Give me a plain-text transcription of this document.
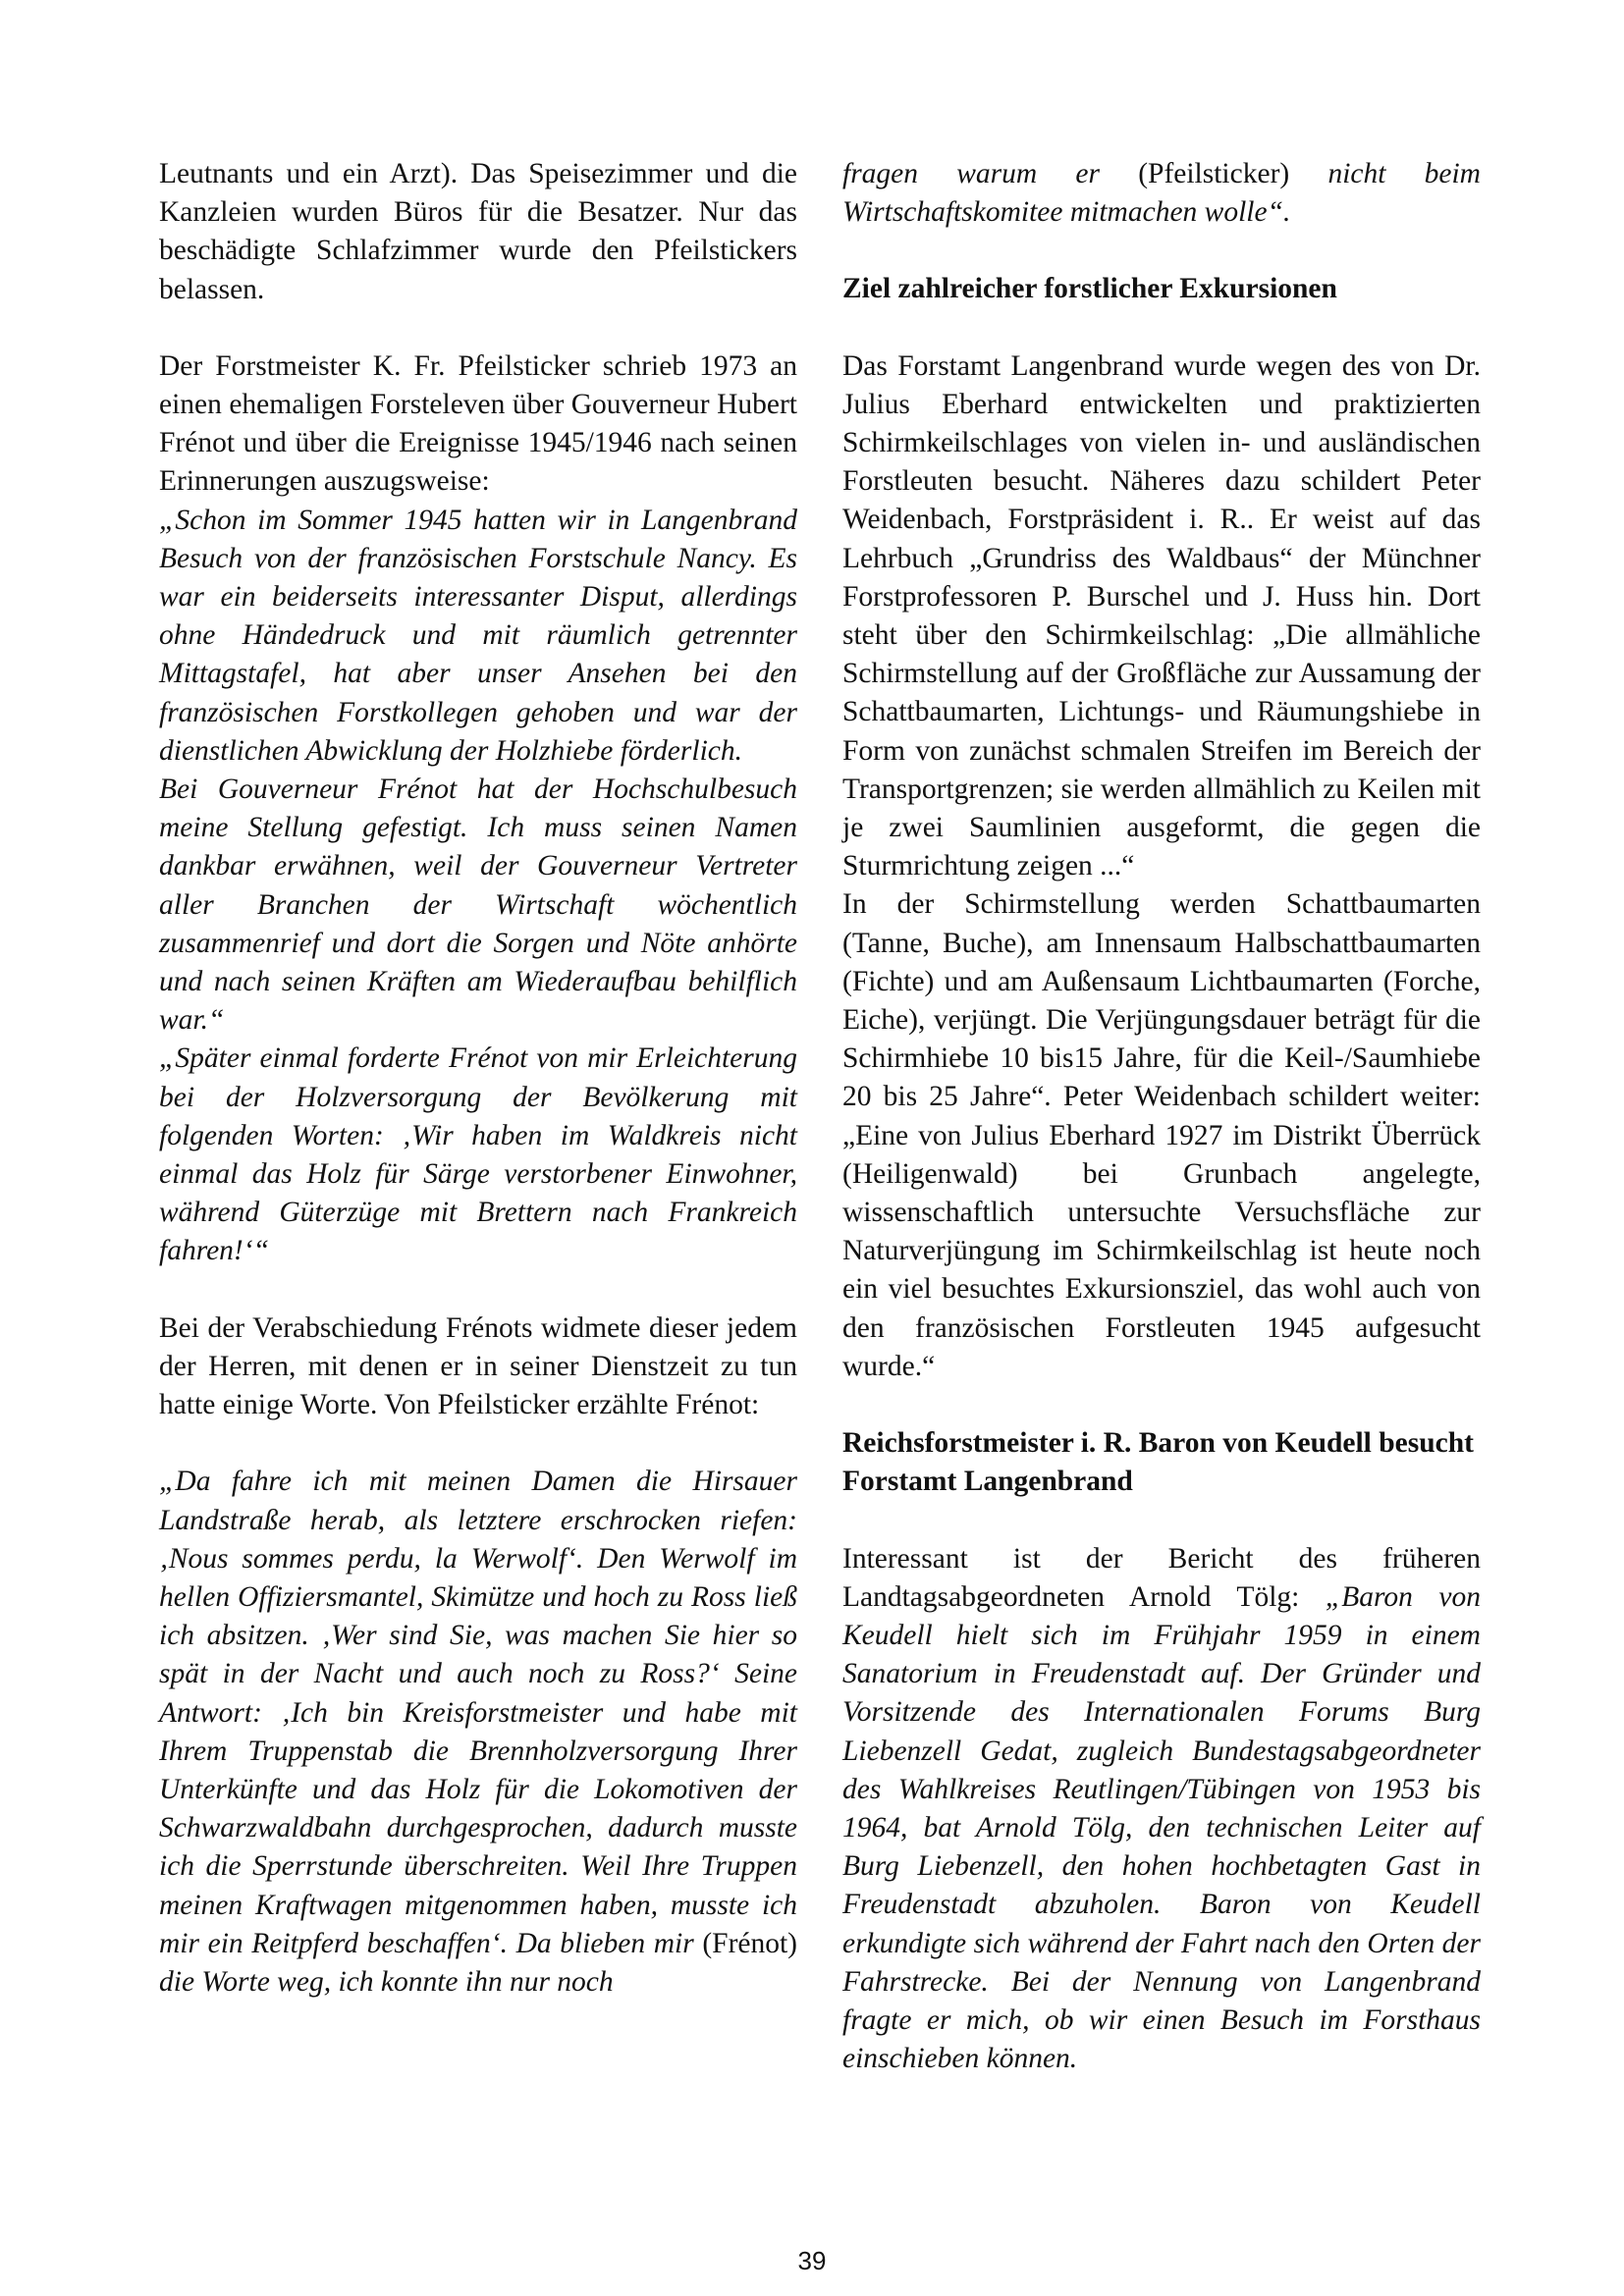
Leutnants und ein Arzt). Das Speisezimmer und die Kanzleien wurden Büros für die Besatzer. Nur das beschädigte Schlafzimmer wurde den Pfeilstickers belassen.

Der Forstmeister K. Fr. Pfeilsticker schrieb 1973 an einen ehemaligen Forsteleven über Gouverneur Hubert Frénot und über die Ereignisse 1945/1946 nach seinen Erinnerungen auszugsweise:

„Schon im Sommer 1945 hatten wir in Langenbrand Besuch von der französischen Forstschule Nancy. Es war ein beiderseits interessanter Disput, allerdings ohne Händedruck und mit räumlich getrennter Mittagstafel, hat aber unser Ansehen bei den französischen Forstkollegen gehoben und war der dienstlichen Abwicklung der Holzhiebe förderlich.

Bei Gouverneur Frénot hat der Hochschulbesuch meine Stellung gefestigt. Ich muss seinen Namen dankbar erwähnen, weil der Gouverneur Vertreter aller Branchen der Wirtschaft wöchentlich zusammenrief und dort die Sorgen und Nöte anhörte und nach seinen Kräften am Wiederaufbau behilflich war.“

„Später einmal forderte Frénot von mir Erleichterung bei der Holzversorgung der Bevölkerung mit folgenden Worten: ‚Wir haben im Waldkreis nicht einmal das Holz für Särge verstorbener Einwohner, während Güterzüge mit Brettern nach Frankreich fahren!‘“

Bei der Verabschiedung Frénots widmete dieser jedem der Herren, mit denen er in seiner Dienstzeit zu tun hatte einige Worte. Von Pfeilsticker erzählte Frénot:

„Da fahre ich mit meinen Damen die Hirsauer Landstraße herab, als letztere erschrocken riefen: ‚Nous sommes perdu, la Werwolf‘. Den Werwolf im hellen Offiziersmantel, Skimütze und hoch zu Ross ließ ich absitzen. ‚Wer sind Sie, was machen Sie hier so spät in der Nacht und auch noch zu Ross?‘ Seine Antwort: ‚Ich bin Kreisforstmeister und habe mit Ihrem Truppenstab die Brennholzversorgung Ihrer Unterkünfte und das Holz für die Lokomotiven der Schwarzwaldbahn durchgesprochen, dadurch musste ich die Sperrstunde überschreiten. Weil Ihre Truppen meinen Kraftwagen mitgenommen haben, musste ich mir ein Reitpferd beschaffen‘. Da blieben mir (Frénot) die Worte weg, ich konnte ihn nur noch

fragen warum er (Pfeilsticker) nicht beim Wirtschaftskomitee mitmachen wolle“.

Ziel zahlreicher forstlicher Exkursionen

Das Forstamt Langenbrand wurde wegen des von Dr. Julius Eberhard entwickelten und praktizierten Schirmkeilschlages von vielen in- und ausländischen Forstleuten besucht. Näheres dazu schildert Peter Weidenbach, Forstpräsident i. R.. Er weist auf das Lehrbuch „Grundriss des Waldbaus“ der Münchner Forstprofessoren P. Burschel und J. Huss hin. Dort steht über den Schirmkeilschlag: „Die allmähliche Schirmstellung auf der Großfläche zur Aussamung der Schattbaumarten, Lichtungs- und Räumungshiebe in Form von zunächst schmalen Streifen im Bereich der Transportgrenzen; sie werden allmählich zu Keilen mit je zwei Saumlinien ausgeformt, die gegen die Sturmrichtung zeigen ...“

In der Schirmstellung werden Schattbaumarten (Tanne, Buche), am Innensaum Halbschattbaumarten (Fichte) und am Außensaum Lichtbaumarten (Forche, Eiche), verjüngt. Die Verjüngungsdauer beträgt für die Schirmhiebe 10 bis15 Jahre, für die Keil-/Saumhiebe 20 bis 25 Jahre“. Peter Weidenbach schildert weiter: „Eine von Julius Eberhard 1927 im Distrikt Überrück (Heiligenwald) bei Grunbach angelegte, wissenschaftlich untersuchte Versuchsfläche zur Naturverjüngung im Schirmkeilschlag ist heute noch ein viel besuchtes Exkursionsziel, das wohl auch von den französischen Forstleuten 1945 aufgesucht wurde.“

Reichsforstmeister i. R. Baron von Keudell besucht Forstamt Langenbrand

Interessant ist der Bericht des früheren Landtagsabgeordneten Arnold Tölg: „Baron von Keudell hielt sich im Frühjahr 1959 in einem Sanatorium in Freudenstadt auf. Der Gründer und Vorsitzende des Internationalen Forums Burg Liebenzell Gedat, zugleich Bundestagsabgeordneter des Wahlkreises Reutlingen/Tübingen von 1953 bis 1964, bat Arnold Tölg, den technischen Leiter auf Burg Liebenzell, den hohen hochbetagten Gast in Freudenstadt abzuholen. Baron von Keudell erkundigte sich während der Fahrt nach den Orten der Fahrstrecke. Bei der Nennung von Langenbrand fragte er mich, ob wir einen Besuch im Forsthaus einschieben können.

39
